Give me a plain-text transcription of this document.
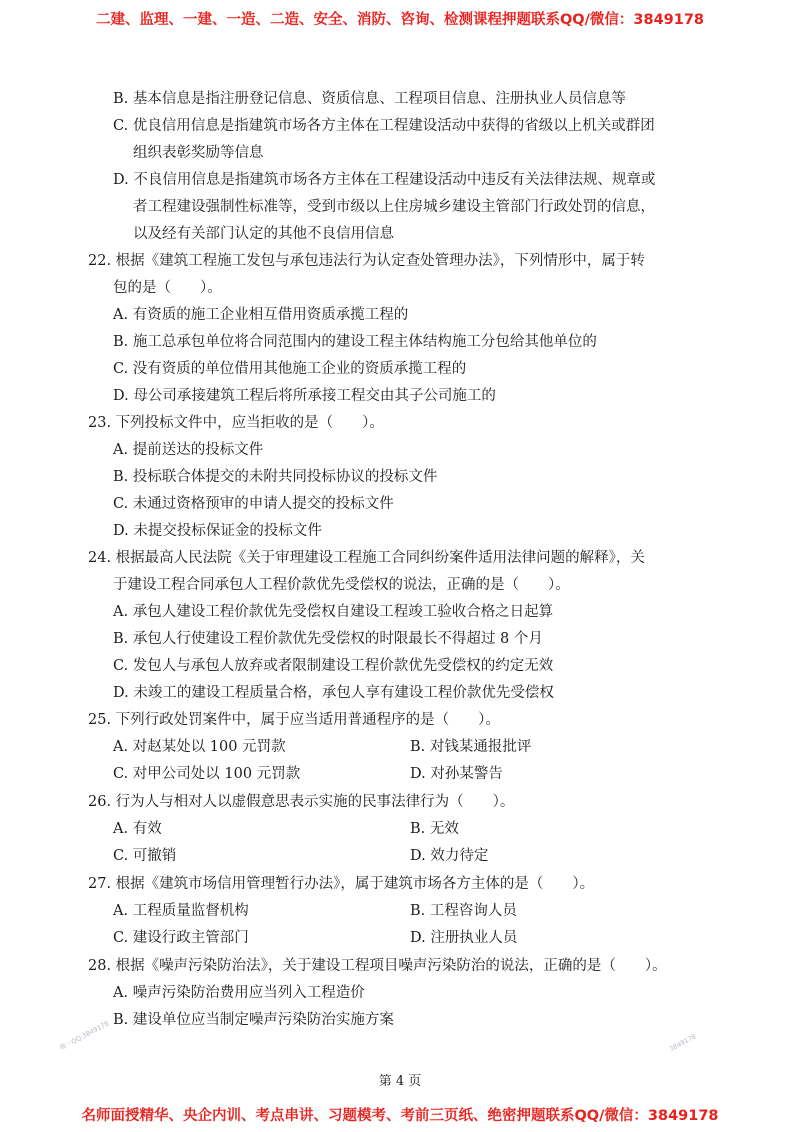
二建、监理、一建、一造、二造、安全、消防、咨询、检测课程押题联系QQ/微信：3849178
B. 基本信息是指注册登记信息、资质信息、工程项目信息、注册执业人员信息等
C. 优良信用信息是指建筑市场各方主体在工程建设活动中获得的省级以上机关或群团
组织表彰奖励等信息
D. 不良信用信息是指建筑市场各方主体在工程建设活动中违反有关法律法规、规章或
者工程建设强制性标准等，受到市级以上住房城乡建设主管部门行政处罚的信息，
以及经有关部门认定的其他不良信用信息
22. 根据《建筑工程施工发包与承包违法行为认定查处管理办法》，下列情形中，属于转
包的是（　　）。
A. 有资质的施工企业相互借用资质承揽工程的
B. 施工总承包单位将合同范围内的建设工程主体结构施工分包给其他单位的
C. 没有资质的单位借用其他施工企业的资质承揽工程的
D. 母公司承接建筑工程后将所承接工程交由其子公司施工的
23. 下列投标文件中，应当拒收的是（　　）。
A. 提前送达的投标文件
B. 投标联合体提交的未附共同投标协议的投标文件
C. 未通过资格预审的申请人提交的投标文件
D. 未提交投标保证金的投标文件
24. 根据最高人民法院《关于审理建设工程施工合同纠纷案件适用法律问题的解释》，关
于建设工程合同承包人工程价款优先受偿权的说法，正确的是（　　）。
A. 承包人建设工程价款优先受偿权自建设工程竣工验收合格之日起算
B. 承包人行使建设工程价款优先受偿权的时限最长不得超过 8 个月
C. 发包人与承包人放弃或者限制建设工程价款优先受偿权的约定无效
D. 未竣工的建设工程质量合格，承包人享有建设工程价款优先受偿权
25. 下列行政处罚案件中，属于应当适用普通程序的是（　　）。
A. 对赵某处以 100 元罚款	B. 对钱某通报批评
C. 对甲公司处以 100 元罚款	D. 对孙某警告
26. 行为人与相对人以虚假意思表示实施的民事法律行为（　　）。
A. 有效	B. 无效
C. 可撤销	D. 效力待定
27. 根据《建筑市场信用管理暂行办法》，属于建筑市场各方主体的是（　　）。
A. 工程质量监督机构	B. 工程咨询人员
C. 建设行政主管部门	D. 注册执业人员
28. 根据《噪声污染防治法》，关于建设工程项目噪声污染防治的说法，正确的是（　　）。
A. 噪声污染防治费用应当列入工程造价
B. 建设单位应当制定噪声污染防治实施方案
唯一QQ:3849178	3849178
第 4 页
名师面授精华、央企内训、考点串讲、习题模考、考前三页纸、绝密押题联系QQ/微信：3849178
